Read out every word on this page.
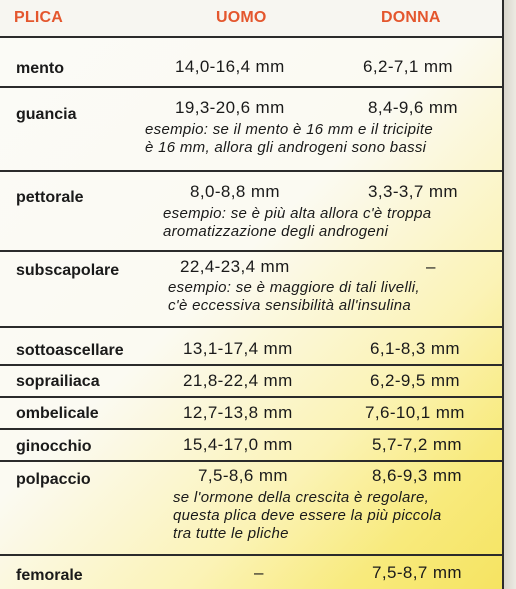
PLICA	UOMO	DONNA
mento	14,0-16,4 mm	6,2-7,1 mm
guancia	19,3-20,6 mm	8,4-9,6 mm
esempio: se il mento è 16 mm e il tricipite
è 16 mm, allora gli androgeni sono bassi
pettorale	8,0-8,8 mm	3,3-3,7 mm
esempio: se è più alta allora c'è troppa
aromatizzazione degli androgeni
subscapolare	22,4-23,4 mm	–
esempio: se è maggiore di tali livelli,
c'è eccessiva sensibilità all'insulina
sottoascellare	13,1-17,4 mm	6,1-8,3 mm
soprailiaca	21,8-22,4 mm	6,2-9,5 mm
ombelicale	12,7-13,8 mm	7,6-10,1 mm
ginocchio	15,4-17,0 mm	5,7-7,2 mm
polpaccio	7,5-8,6 mm	8,6-9,3 mm
se l'ormone della crescita è regolare,
questa plica deve essere la più piccola
tra tutte le pliche
femorale	–	7,5-8,7 mm
